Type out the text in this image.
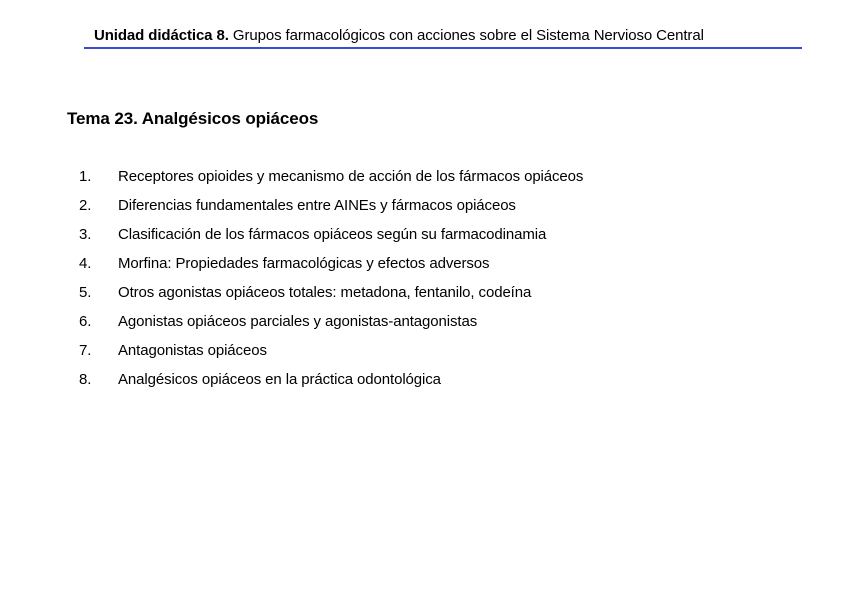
Unidad didáctica 8. Grupos farmacológicos con acciones sobre el Sistema Nervioso Central
Tema 23. Analgésicos opiáceos
1. Receptores opioides y mecanismo de acción de los fármacos opiáceos
2. Diferencias fundamentales entre AINEs y fármacos opiáceos
3. Clasificación de los fármacos opiáceos según su farmacodinamia
4. Morfina: Propiedades farmacológicas y efectos adversos
5. Otros agonistas opiáceos totales: metadona, fentanilo, codeína
6. Agonistas opiáceos parciales y agonistas-antagonistas
7. Antagonistas opiáceos
8. Analgésicos opiáceos en la práctica odontológica
